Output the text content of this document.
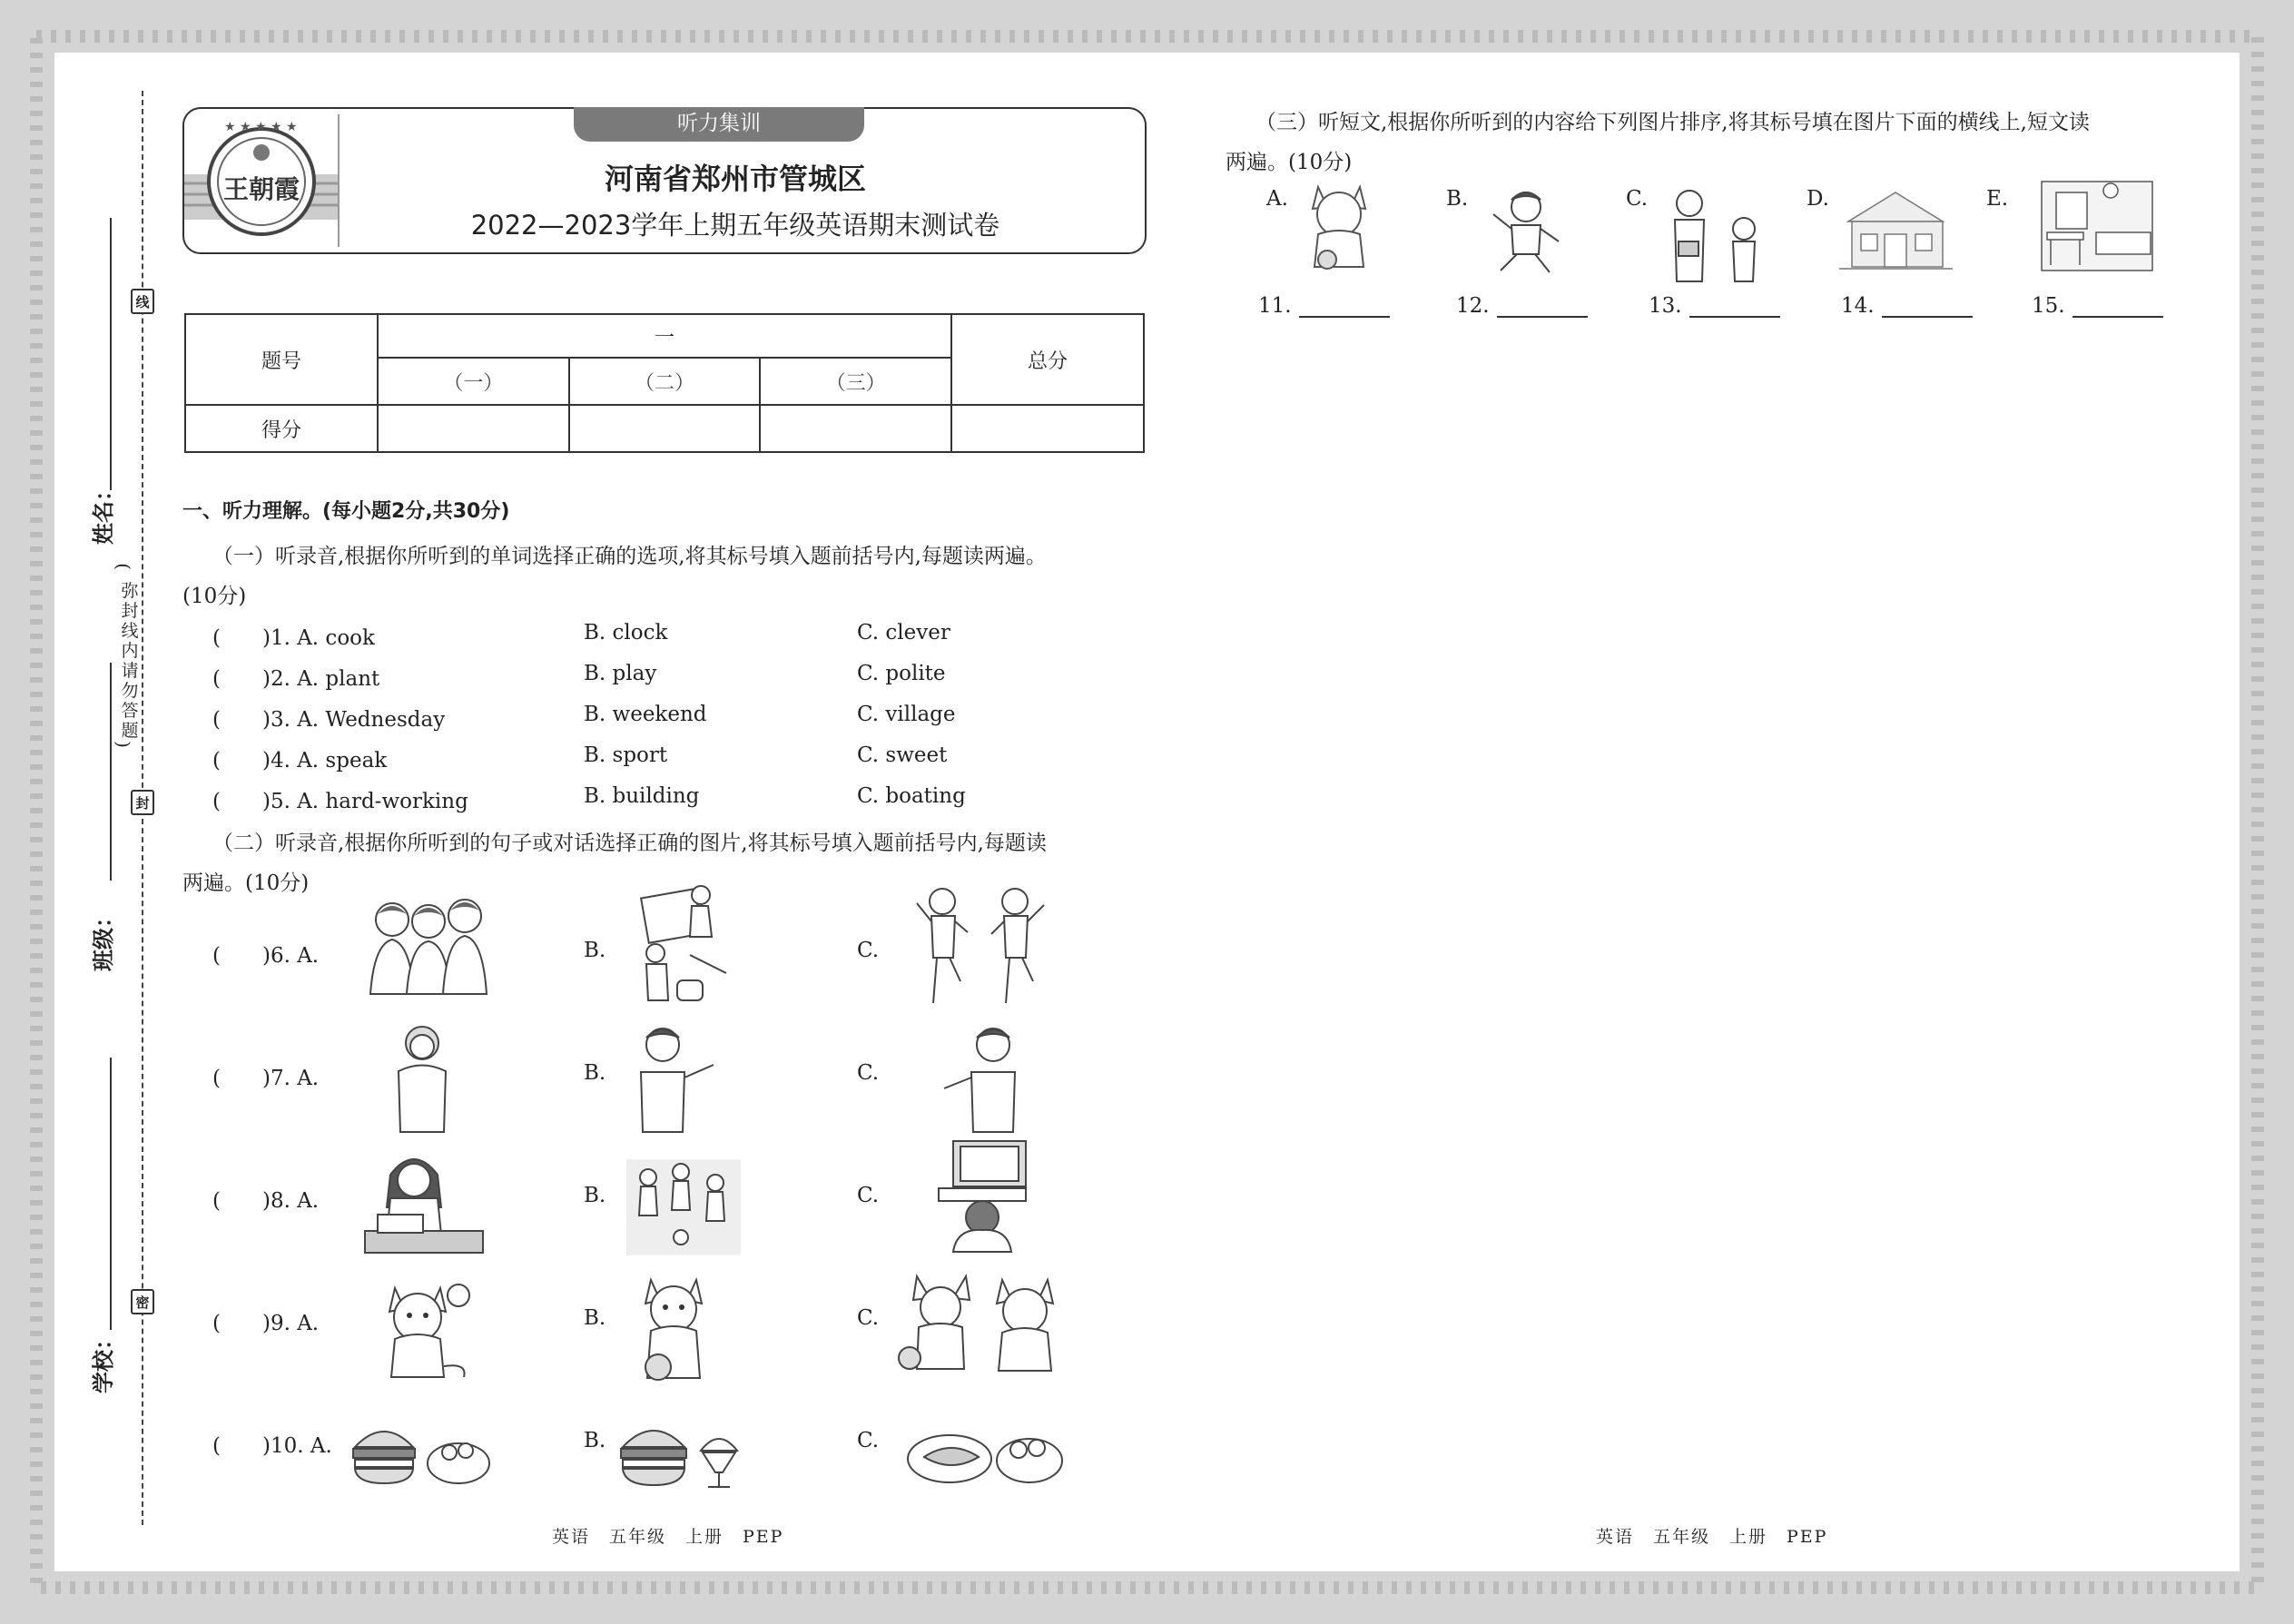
姓名：
班级：
学校：
线
封
密
(
弥封线内请勿答题
)
听力集训
★ ★ ★ ★ ★
王朝霞	河南省郑州市管城区
2022—2023学年上期五年级英语期末测试卷
题号	一			总分
	（一）	（二）	（三）	
得分				
一、听力理解。(每小题2分,共30分)
（一）听录音,根据你所听到的单词选择正确的选项,将其标号填入题前括号内,每题读两遍。
(10分)
(　　)1. A. cook	B. clock	C. clever
(　　)2. A. plant	B. play	C. polite
(　　)3. A. Wednesday	B. weekend	C. village
(　　)4. A. speak	B. sport	C. sweet
(　　)5. A. hard-working	B. building	C. boating
（二）听录音,根据你所听到的句子或对话选择正确的图片,将其标号填入题前括号内,每题读
两遍。(10分)
(　　)6. A.	B.	C.
(　　)7. A.	B.	C.
(　　)8. A.	B.	C.
(　　)9. A.	B.	C.
(　　)10. A.	B.	C.
（三）听短文,根据你所听到的内容给下列图片排序,将其标号填在图片下面的横线上,短文读
两遍。(10分)
A.	B.	C.	D.	E.
11.	12.	13.	14.	15.
英语　五年级　上册　PEP	英语　五年级　上册　PEP
